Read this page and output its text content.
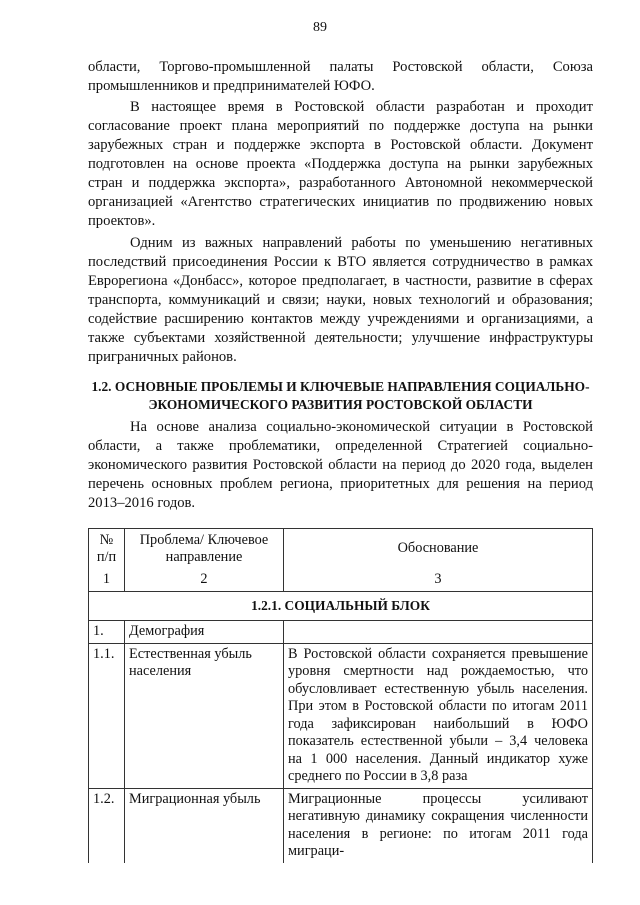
89

области, Торгово-промышленной палаты Ростовской области, Союза промышленников и предпринимателей ЮФО.

В настоящее время в Ростовской области разработан и проходит согласование проект плана мероприятий по поддержке доступа на рынки зарубежных стран и поддержке экспорта в Ростовской области. Документ подготовлен на основе проекта «Поддержка доступа на рынки зарубежных стран и поддержка экспорта», разработанного Автономной некоммерческой организацией «Агентство стратегических инициатив по продвижению новых проектов».

Одним из важных направлений работы по уменьшению негативных последствий присоединения России к ВТО является сотрудничество в рамках Еврорегиона «Донбасс», которое предполагает, в частности, развитие в сферах транспорта, коммуникаций и связи; науки, новых технологий и образования; содействие расширению контактов между учреждениями и организациями, а также субъектами хозяйственной деятельности; улучшение инфраструктуры приграничных районов.

1.2. ОСНОВНЫЕ ПРОБЛЕМЫ И КЛЮЧЕВЫЕ НАПРАВЛЕНИЯ СОЦИАЛЬНО-ЭКОНОМИЧЕСКОГО РАЗВИТИЯ РОСТОВСКОЙ ОБЛАСТИ

На основе анализа социально-экономической ситуации в Ростовской области, а также проблематики, определенной Стратегией социально-экономического развития Ростовской области на период до 2020 года, выделен перечень основных проблем региона, приоритетных для решения на период 2013–2016 годов.

№ п/п	Проблема/ Ключевое направление	Обоснование
1	2	3
1.2.1. СОЦИАЛЬНЫЙ БЛОК		
1.	Демография	
1.1.	Естественная убыль населения	В Ростовской области сохраняется превышение уровня смертности над рождаемостью, что обусловливает естественную убыль населения. При этом в Ростовской области по итогам 2011 года зафиксирован наибольший в ЮФО показатель естественной убыли – 3,4 человека на 1 000 населения. Данный индикатор хуже среднего по России в 3,8 раза
1.2.	Миграционная убыль	Миграционные процессы усиливают негативную динамику сокращения численности населения в регионе: по итогам 2011 года миграци-
